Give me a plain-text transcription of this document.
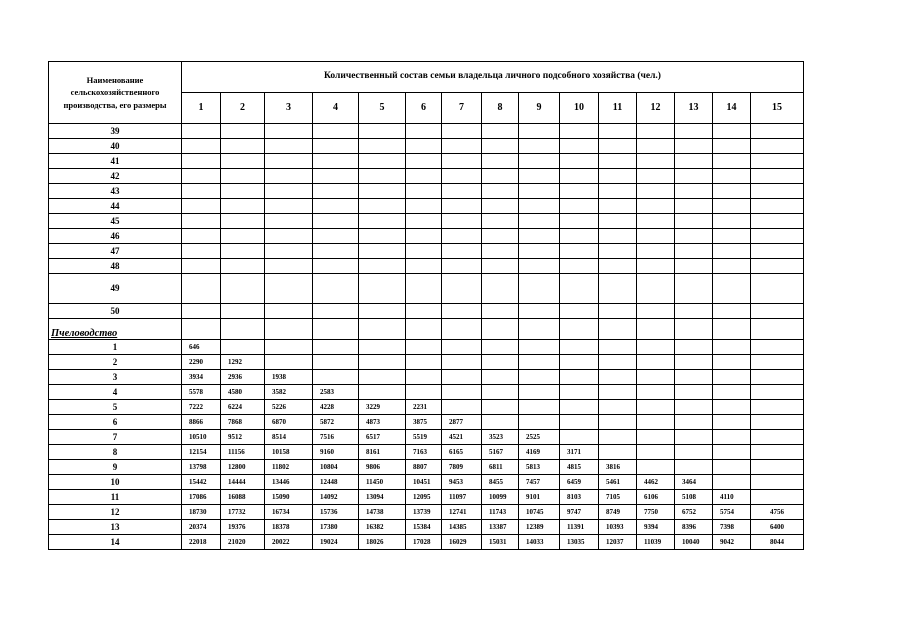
Наименование сельскохозяйственного производства, его размеры	Количественный состав семьи владельца личного подсобного хозяйства (чел.)														
	1	2	3	4	5	6	7	8	9	10	11	12	13	14	15
39															
40															
41															
42															
43															
44															
45															
46															
47															
48															
49															
50															
Пчеловодство															
1	646														
2	2290	1292													
3	3934	2936	1938												
4	5578	4580	3582	2583											
5	7222	6224	5226	4228	3229	2231									
6	8866	7868	6870	5872	4873	3875	2877								
7	10510	9512	8514	7516	6517	5519	4521	3523	2525						
8	12154	11156	10158	9160	8161	7163	6165	5167	4169	3171					
9	13798	12800	11802	10804	9806	8807	7809	6811	5813	4815	3816				
10	15442	14444	13446	12448	11450	10451	9453	8455	7457	6459	5461	4462	3464		
11	17086	16088	15090	14092	13094	12095	11097	10099	9101	8103	7105	6106	5108	4110	
12	18730	17732	16734	15736	14738	13739	12741	11743	10745	9747	8749	7750	6752	5754	4756
13	20374	19376	18378	17380	16382	15384	14385	13387	12389	11391	10393	9394	8396	7398	6400
14	22018	21020	20022	19024	18026	17028	16029	15031	14033	13035	12037	11039	10040	9042	8044
